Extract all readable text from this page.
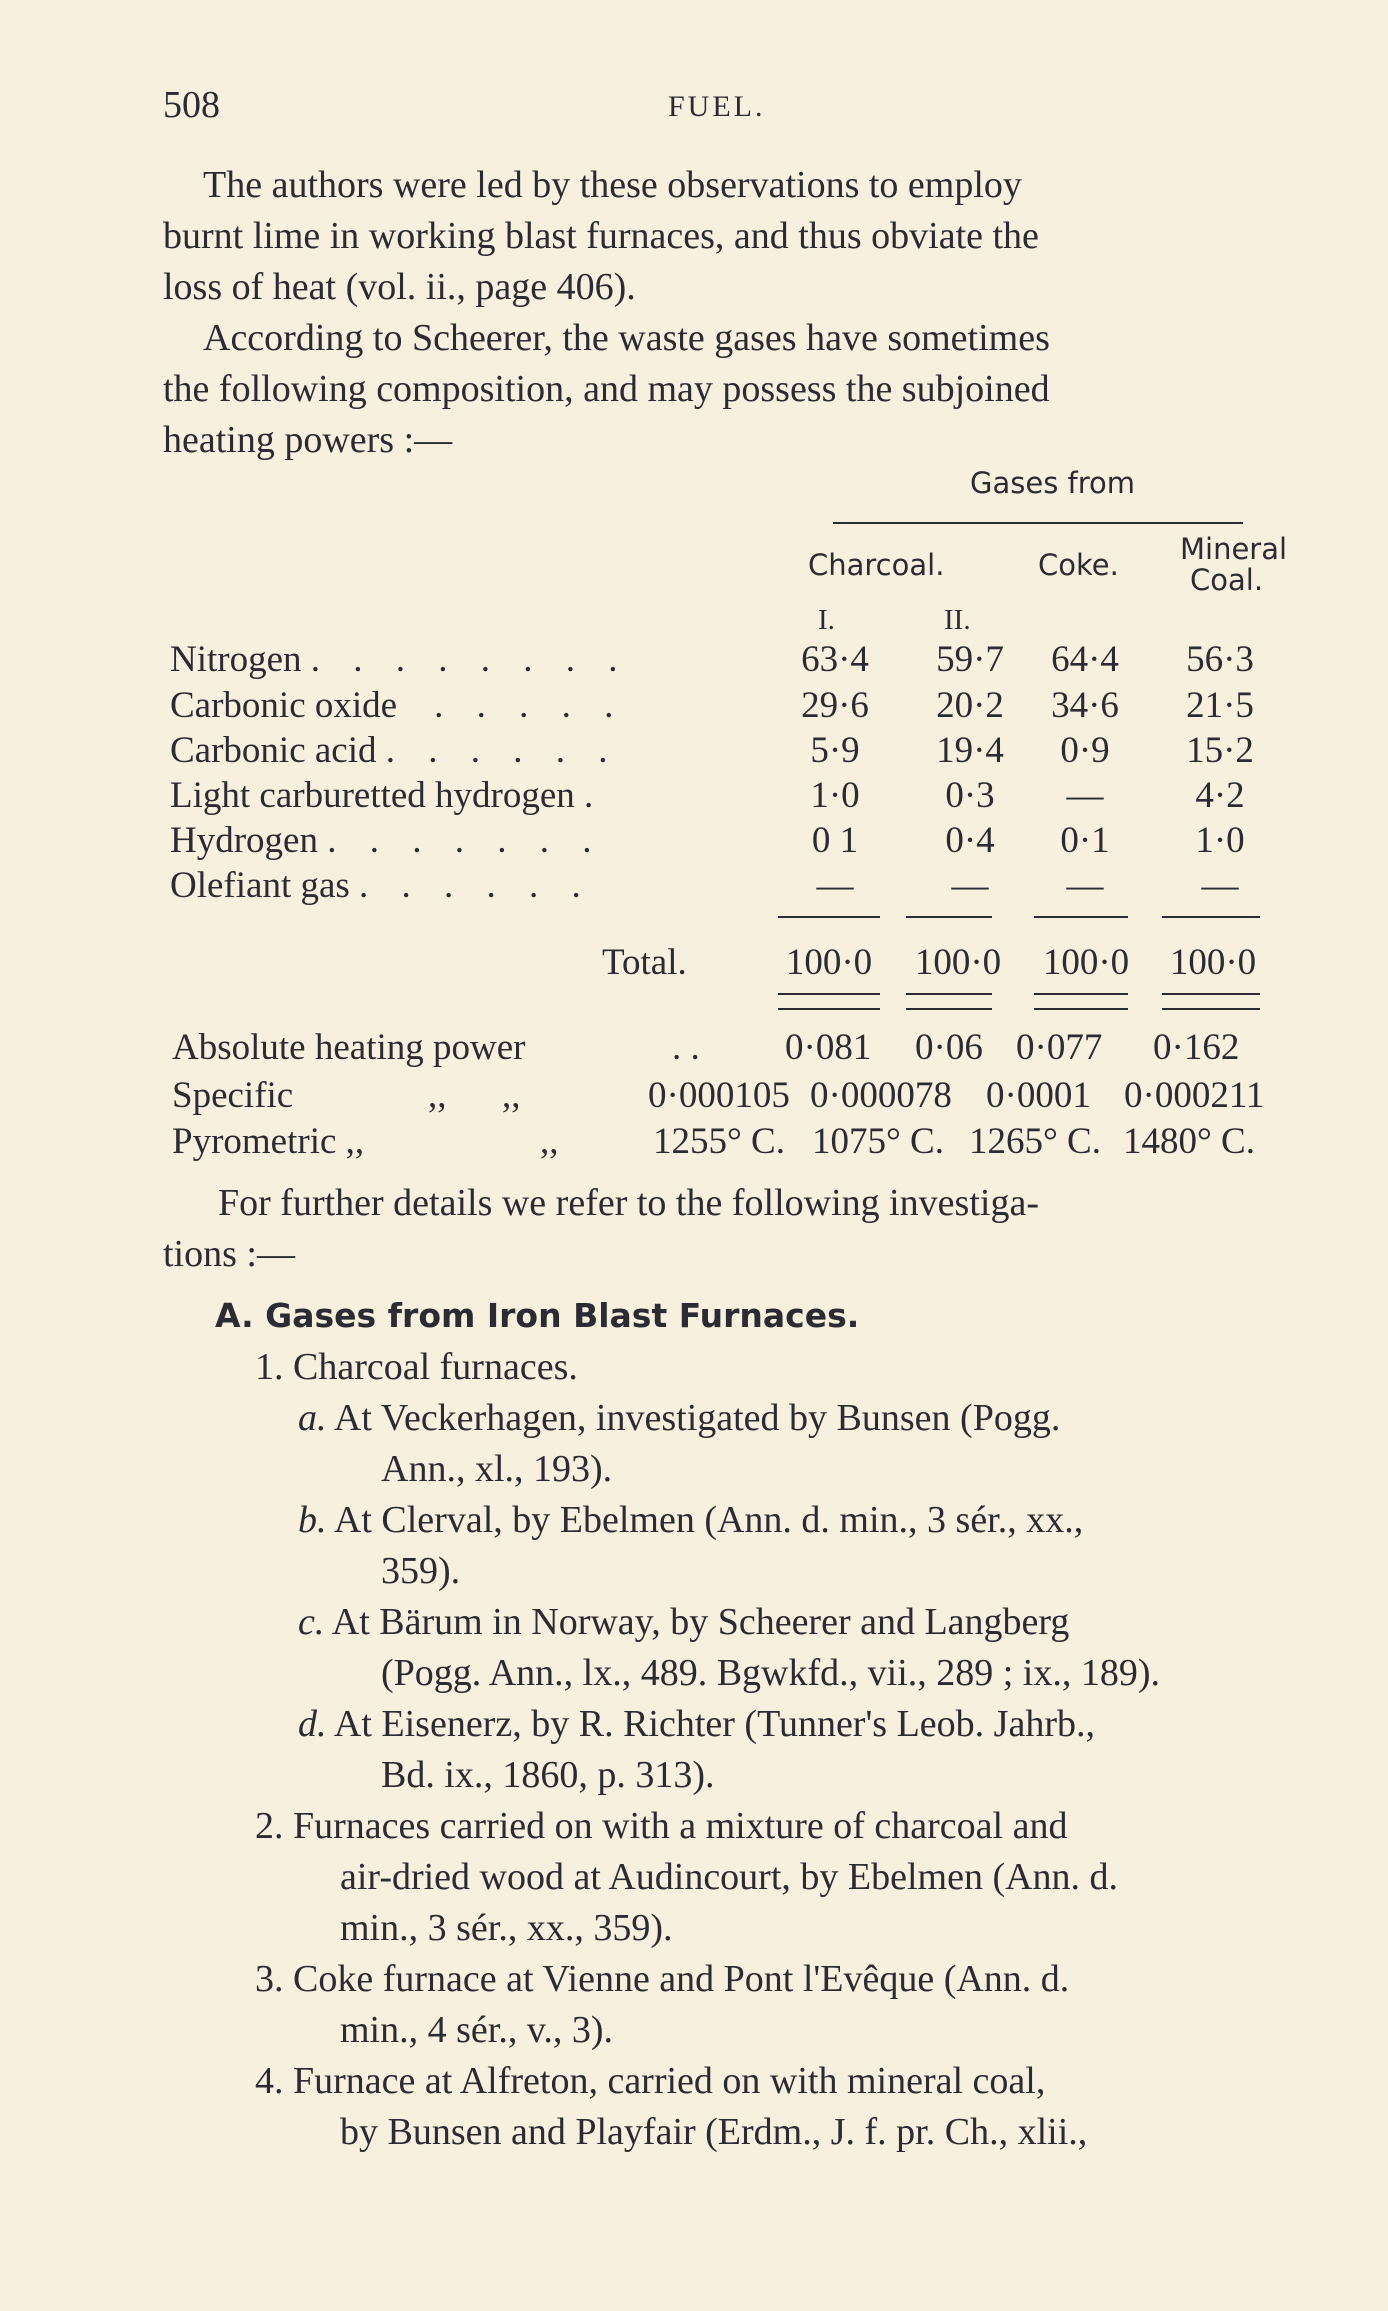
508	FUEL.
The authors were led by these observations to employ
burnt lime in working blast furnaces, and thus obviate the
loss of heat (vol. ii., page 406).
According to Scheerer, the waste gases have sometimes
the following composition, and may possess the subjoined
heating powers :—
Gases from
Charcoal.	Coke. Mineral
Coal.
I.	II.
Nitrogen . . . . . . . .	63·4	59·7	64·4	56·3
Carbonic oxide . . . . .	29·6	20·2	34·6	21·5
Carbonic acid . . . . . .	5·9	19·4	0·9	15·2
Light carburetted hydrogen .	1·0	0·3	—	4·2
Hydrogen . . . . . . .	0 1	0·4	0·1	1·0
Olefiant gas . . . . . .	—	—	—	—
Total.	100·0	100·0	100·0	100·0
Absolute heating power	. . 0·081 0·06 0·077 0·162
Specific	,,      ,,	0·000105 0·000078 0·0001 0·000211
Pyrometric ,,	,,	1255° C. 1075° C. 1265° C. 1480° C.
For further details we refer to the following investiga-
tions :—
A. Gases from Iron Blast Furnaces.
1. Charcoal furnaces.
a. At Veckerhagen, investigated by Bunsen (Pogg.
Ann., xl., 193).
b. At Clerval, by Ebelmen (Ann. d. min., 3 sér., xx.,
359).
c. At Bärum in Norway, by Scheerer and Langberg
(Pogg. Ann., lx., 489. Bgwkfd., vii., 289 ; ix., 189).
d. At Eisenerz, by R. Richter (Tunner's Leob. Jahrb.,
Bd. ix., 1860, p. 313).
2. Furnaces carried on with a mixture of charcoal and
air-dried wood at Audincourt, by Ebelmen (Ann. d.
min., 3 sér., xx., 359).
3. Coke furnace at Vienne and Pont l'Evêque (Ann. d.
min., 4 sér., v., 3).
4. Furnace at Alfreton, carried on with mineral coal,
by Bunsen and Playfair (Erdm., J. f. pr. Ch., xlii.,
